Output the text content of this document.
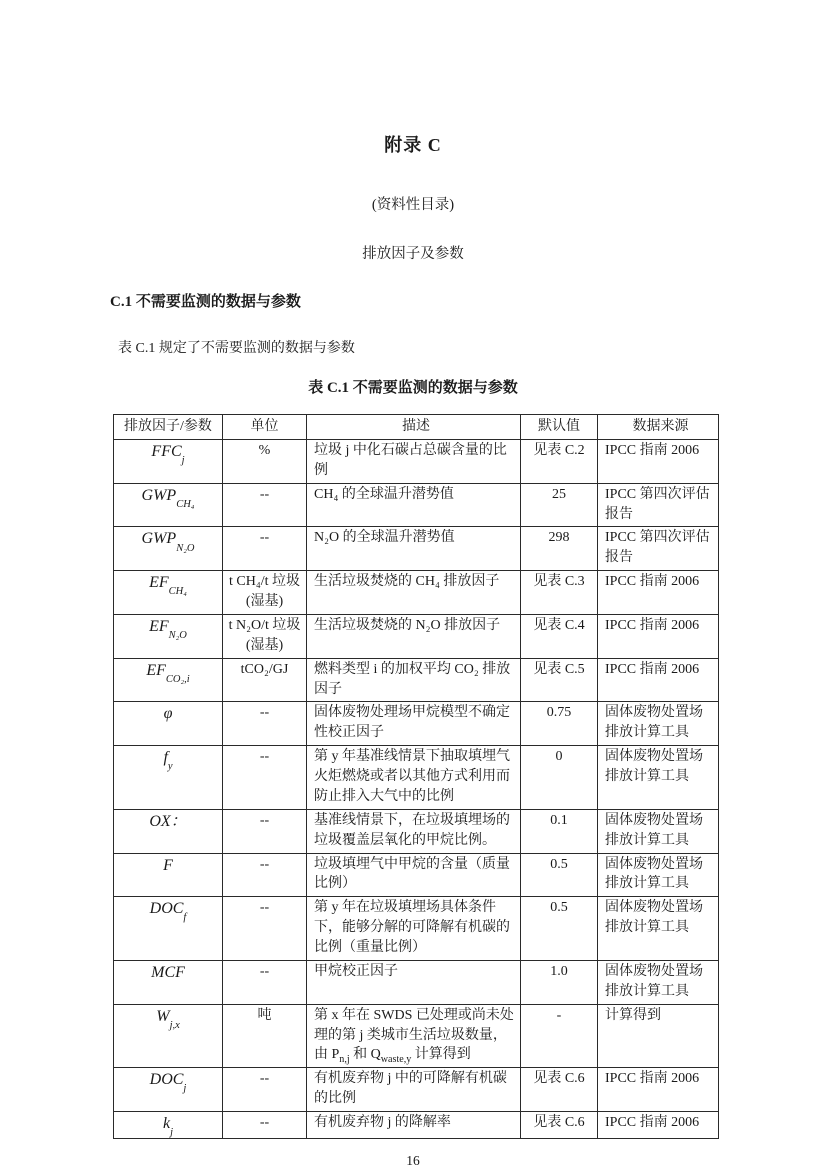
附录 C
(资料性目录)
排放因子及参数
C.1 不需要监测的数据与参数
表 C.1 规定了不需要监测的数据与参数
表 C.1 不需要监测的数据与参数
排放因子/参数	单位	描述	默认值	数据来源
$FFC_j$	%	垃圾 j 中化石碳占总碳含量的比例	见表 C.2	IPCC 指南 2006
$GWP_{CH_4}$	--	CH₄ 的全球温升潜势值	25	IPCC 第四次评估报告
$GWP_{N_2O}$	--	N₂O 的全球温升潜势值	298	IPCC 第四次评估报告
$EF_{CH_4}$	t CH₄/t 垃圾(湿基)	生活垃圾焚烧的 CH₄ 排放因子	见表 C.3	IPCC 指南 2006
$EF_{N_2O}$	t N₂O/t 垃圾(湿基)	生活垃圾焚烧的 N₂O 排放因子	见表 C.4	IPCC 指南 2006
$EF_{CO_2,i}$	tCO₂/GJ	燃料类型 i 的加权平均 CO₂ 排放因子	见表 C.5	IPCC 指南 2006
φ	--	固体废物处理场甲烷模型不确定性校正因子	0.75	固体废物处置场排放计算工具
$f_y$	--	第 y 年基准线情景下抽取填埋气火炬燃烧或者以其他方式利用而防止排入大气中的比例	0	固体废物处置场排放计算工具
OX：	--	基准线情景下，在垃圾填埋场的垃圾覆盖层氧化的甲烷比例。	0.1	固体废物处置场排放计算工具
F	--	垃圾填埋气中甲烷的含量（质量比例）	0.5	固体废物处置场排放计算工具
$DOC_f$	--	第 y 年在垃圾填埋场具体条件下，能够分解的可降解有机碳的比例（重量比例）	0.5	固体废物处置场排放计算工具
MCF	--	甲烷校正因子	1.0	固体废物处置场排放计算工具
$W_{j,x}$	吨	第 x 年在 SWDS 已处理或尚未处理的第 j 类城市生活垃圾数量，由 $P_{n,j}$ 和 $Q_{waste,y}$ 计算得到	-	计算得到
$DOC_j$	--	有机废弃物 j 中的可降解有机碳的比例	见表 C.6	IPCC 指南 2006
$k_j$	--	有机废弃物 j 的降解率	见表 C.6	IPCC 指南 2006
16
